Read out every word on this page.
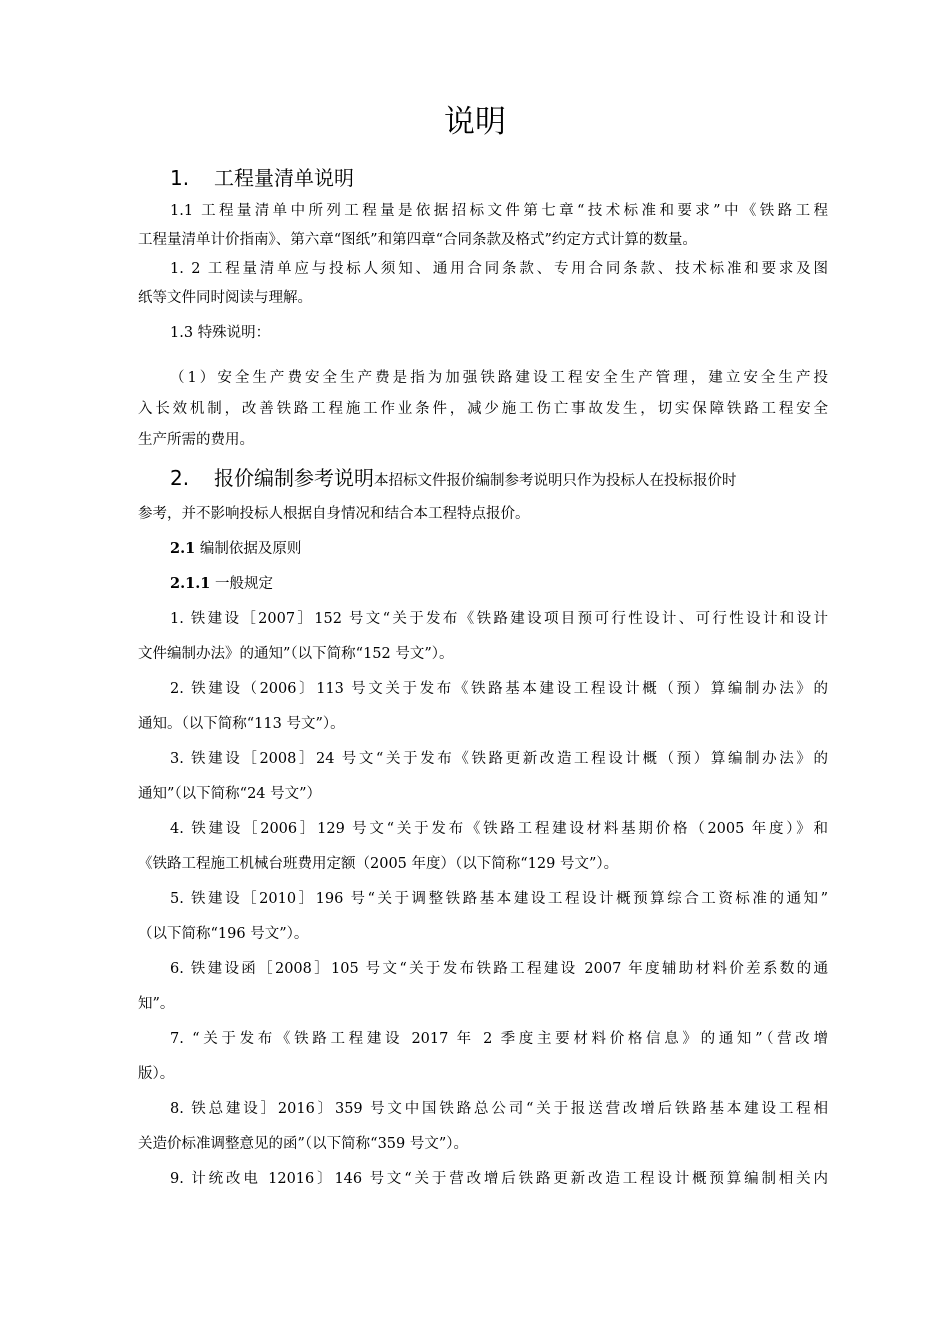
说明
1. 工程量清单说明
1.1 工程量清单中所列工程量是依据招标文件第七章“技术标准和要求”中《铁路工程
工程量清单计价指南》、第六章“图纸”和第四章“合同条款及格式”约定方式计算的数量。
1. 2 工程量清单应与投标人须知、通用合同条款、专用合同条款、技术标准和要求及图
纸等文件同时阅读与理解。
1.3 特殊说明：
（1）安全生产费安全生产费是指为加强铁路建设工程安全生产管理，建立安全生产投
入长效机制，改善铁路工程施工作业条件，减少施工伤亡事故发生，切实保障铁路工程安全
生产所需的费用。
2. 报价编制参考说明本招标文件报价编制参考说明只作为投标人在投标报价时
参考，并不影响投标人根据自身情况和结合本工程特点报价。
2.1 编制依据及原则
2.1.1 一般规定
1. 铁建设［2007］152 号文“关于发布《铁路建设项目预可行性设计、可行性设计和设计
文件编制办法》的通知”（以下简称“152 号文”）。
2. 铁建设（2006〕113 号文关于发布《铁路基本建设工程设计概（预）算编制办法》的
通知。（以下简称“113 号文”）。
3. 铁建设［2008］24 号文“关于发布《铁路更新改造工程设计概（预）算编制办法》的
通知”（以下简称“24 号文”）
4. 铁建设［2006］129 号文“关于发布《铁路工程建设材料基期价格（2005 年度）》和
《铁路工程施工机械台班费用定额（2005 年度）（以下简称“129 号文”）。
5. 铁建设［2010］196 号“关于调整铁路基本建设工程设计概预算综合工资标准的通知”
（以下简称“196 号文”）。
6. 铁建设函［2008］105 号文“关于发布铁路工程建设 2007 年度辅助材料价差系数的通
知”。
7. “关于发布《铁路工程建设 2017 年 2 季度主要材料价格信息》的通知”（营改增
版）。
8. 铁总建设］2016〕359 号文中国铁路总公司“关于报送营改增后铁路基本建设工程相
关造价标准调整意见的函”（以下简称“359 号文”）。
9. 计统改电 12016〕146 号文“关于营改增后铁路更新改造工程设计概预算编制相关内
